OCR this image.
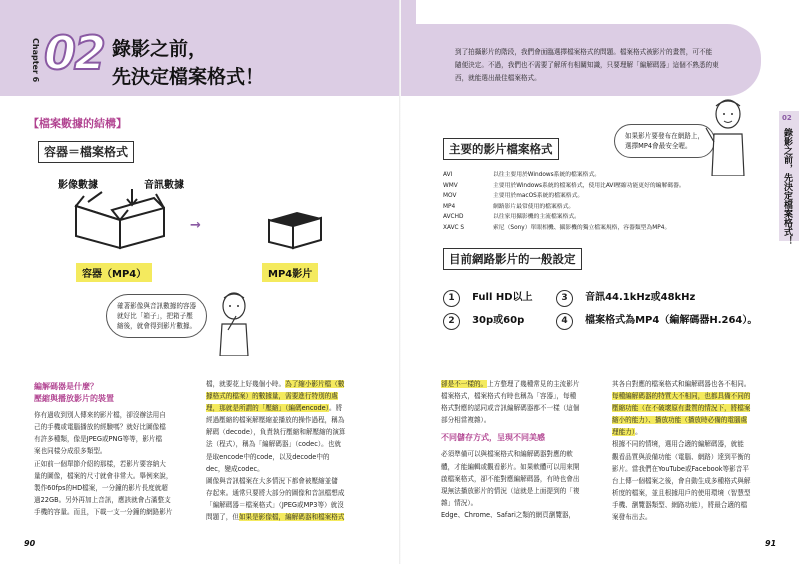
Chapter 6 02 錄影之前，
先決定檔案格式！
到了拍攝影片的階段，我們會面臨選擇檔案格式的問題。檔案格式被影片的畫質，可不能
隨便決定。不過，我們也不需要了解所有相關知識，只要理解「編解碼器」這個不熟悉的東
西，就能選出最佳檔案格式。
【檔案數據的結構】
容器＝檔案格式
影像數據	音訊數據
→
容器（MP4）	MP4影片
確著影像與音訊數據的容器
就好比「箱子」，把箱子壓
縮後，就會得到影片數據。
編解碼器是什麼？
壓縮與播放影片的裝置
你有過收到別人傳來的影片檔，卻沒辦法用自
己的手機或電腦播放的經驗嗎？就好比圖像檔
有許多種類，像是JPEG或PNG等等，影片檔
案也同樣分成很多類型。
正如前一個單節介紹的那樣，若影片要容納大
量的圖像，檔案的尺寸就會非常大。舉例來說，
製作60fps的HD檔案，一分鐘的影片長度就超
過22GB。另外再加上音訊，應該就會占滿整支
手機的容量。而且，下載一支一分鐘的網路影片
檔，就要花上好幾個小時。為了縮小影片檔（數
據格式的檔案）的數據量，需要進行特別的處
理，那就是所謂的「壓縮」（編碼encode）。將
經過壓縮的檔案解壓縮並播放的操作過程，稱為
解碼（decode），負責執行壓縮和解壓縮的演算
法（程式），稱為「編解碼器」（codec）。也就
是取encode中的code，以及decode中的
dec，變成codec。
圖像與音訊檔案在大多情況下都會被壓縮並儲
存起來。通常只要將大部分的圖像和音訊檔想成
「編解碼器＝檔案格式」（JPEG或MP3等）就沒
問題了，但如果是影像檔，編解碼器和檔案格式
90
02
錄影之前，先決定檔案格式！
如果影片要發布在網路上，
選擇MP4會最安全喔。
主要的影片檔案格式
AVI	以往主要用於Windows系統的檔案格式。
WMV	主要用於Windows系統的檔案格式，使用比AVI壓縮功能更好的編解碼器。
MOV	主要用於macOS系統的檔案格式。
MP4	網路影片最常使用的檔案格式。
AVCHD	以往家用攝影機的主流檔案格式。
XAVC S	索尼（Sony）單眼相機、攝影機的獨立檔案規格，容器類型為MP4。
目前網路影片的一般設定
1 Full HD以上	3 音訊44.1kHz或48kHz
2 30p或60p	4 檔案格式為MP4（編解碼器H.264）。
卻是不一樣的。上方整理了幾種常見的主流影片
檔案格式，檔案格式有時也稱為「容器」，每種
格式對應的認同或音訊編解碼器都不一樣（這個
部分相當複雜）。
不同儲存方式，呈現不同美感
必須準備可以與檔案格式和編解碼器對應的軟
體，才能編輯或觀看影片。如果軟體可以用來開
啟檔案格式，卻不能對應編解碼器，有時也會出
現無法播放影片的情況（這就是上面提到的「複
雜」情況）。
Edge、Chrome、Safari之類的網頁瀏覽器，
其各自對應的檔案格式和編解碼器也各不相同。
每種編解碼器的特質大不相同，也都具備不同的
壓縮功能（在不破壞原有畫質的情況下，將檔案
縮小的能力）、播放功能（播放時必備的電腦處
理能力）。
根據不同的情境，選用合適的編解碼器，就能
觀看品質與設備功能（電腦、網路）達到平衡的
影片。當我們在YouTube或Facebook等影音平
台上傳一個檔案之後，會自動生成多種格式與解
析度的檔案，並且根據用戶的使用環境（智慧型
手機、瀏覽器類型、網路功能），將最合適的檔
案發布出去。
91
